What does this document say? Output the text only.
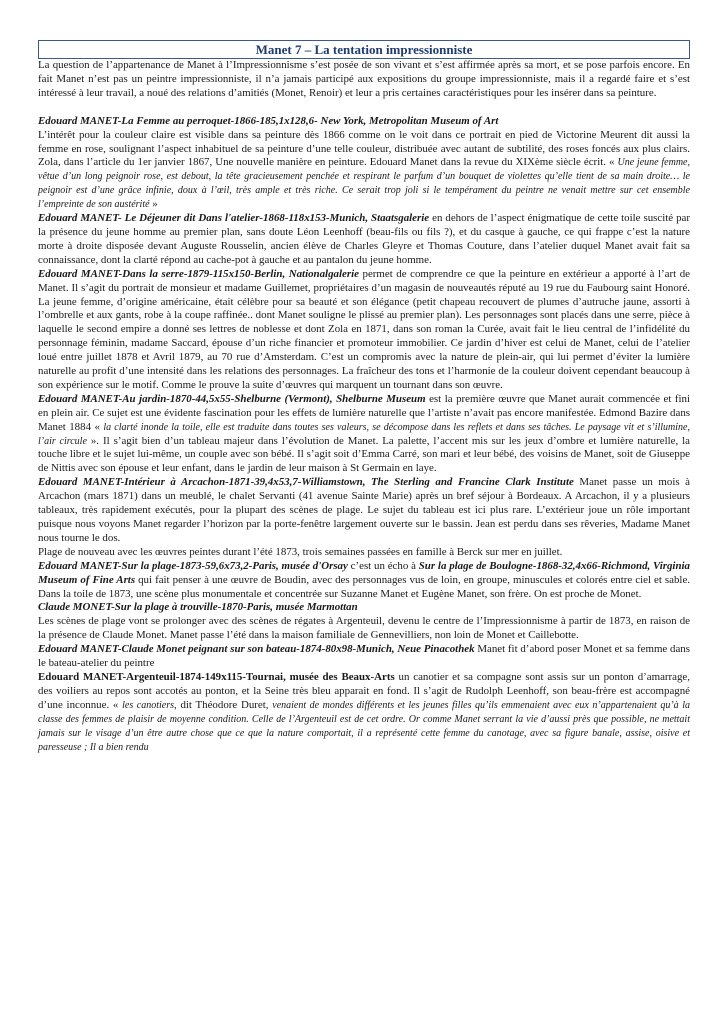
Manet 7 – La tentation impressionniste

La question de l’appartenance de Manet à l’Impressionnisme s’est posée de son vivant et s’est affirmée après sa mort, et se pose parfois encore. En fait Manet n’est pas un peintre impressionniste, il n’a jamais participé aux expositions du groupe impressionniste, mais il a regardé faire et s’est intéressé à leur travail, a noué des relations d’amitiés (Monet, Renoir) et leur a pris certaines caractéristiques pour les insérer dans sa peinture.

Edouard MANET-La Femme au perroquet-1866-185,1x128,6- New York, Metropolitan Museum of Art
L’intérêt pour la couleur claire est visible dans sa peinture dès 1866 comme on le voit dans ce portrait en pied de Victorine Meurent dit aussi la femme en rose, soulignant l’aspect inhabituel de sa peinture d’une telle couleur, distribuée avec autant de subtilité, des roses foncés aux plus clairs. Zola, dans l’article du 1er janvier 1867, Une nouvelle manière en peinture. Edouard Manet dans la revue du XIXème siècle écrit. « Une jeune femme, vêtue d’un long peignoir rose, est debout, la tête gracieusement penchée et respirant le parfum d’un bouquet de violettes qu’elle tient de sa main droite… le peignoir est d’une grâce infinie, doux à l’œil, très ample et très riche. Ce serait trop joli si le tempérament du peintre ne venait mettre sur cet ensemble l’empreinte de son austérité »

Edouard MANET- Le Déjeuner dit Dans l'atelier-1868-118x153-Munich, Staatsgalerie en dehors de l’aspect énigmatique de cette toile suscité par la présence du jeune homme au premier plan, sans doute Léon Leenhoff (beau-fils ou fils ?), et du casque à gauche, ce qui frappe c’est la nature morte à droite disposée devant Auguste Rousselin, ancien élève de Charles Gleyre et Thomas Couture, dans l’atelier duquel Manet avait fait sa connaissance, dont la clarté répond au cache-pot à gauche et au pantalon du jeune homme.

Edouard MANET-Dans la serre-1879-115x150-Berlin, Nationalgalerie permet de comprendre ce que la peinture en extérieur a apporté à l’art de Manet. Il s’agit du portrait de monsieur et madame Guillemet, propriétaires d’un magasin de nouveautés réputé au 19 rue du Faubourg saint Honoré. La jeune femme, d’origine américaine, était célèbre pour sa beauté et son élégance (petit chapeau recouvert de plumes d’autruche jaune, assorti à l’ombrelle et aux gants, robe à la coupe raffinée.. dont Manet souligne le plissé au premier plan). Les personnages sont placés dans une serre, pièce à laquelle le second empire a donné ses lettres de noblesse et dont Zola en 1871, dans son roman la Curée, avait fait le lieu central de l’infidélité du personnage féminin, madame Saccard, épouse d’un riche financier et promoteur immobilier. Ce jardin d’hiver est celui de Manet, celui de l’atelier loué entre juillet 1878 et Avril 1879, au 70 rue d’Amsterdam. C’est un compromis avec la nature de plein-air, qui lui permet d’éviter la lumière naturelle au profit d’une intensité dans les relations des personnages. La fraîcheur des tons et l’harmonie de la couleur doivent cependant beaucoup à son expérience sur le motif. Comme le prouve la suite d’œuvres qui marquent un tournant dans son œuvre.

Edouard MANET-Au jardin-1870-44,5x55-Shelburne (Vermont), Shelburne Museum est la première œuvre que Manet aurait commencée et fini en plein air. Ce sujet est une évidente fascination pour les effets de lumière naturelle que l’artiste n’avait pas encore manifestée. Edmond Bazire dans Manet 1884 « la clarté inonde la toile, elle est traduite dans toutes ses valeurs, se décompose dans les reflets et dans ses tâches. Le paysage vit et s’illumine, l’air circule ». Il s’agit bien d’un tableau majeur dans l’évolution de Manet. La palette, l’accent mis sur les jeux d’ombre et lumière naturelle, la touche libre et le sujet lui-même, un couple avec son bébé. Il s’agit soit d’Emma Carré, son mari et leur bébé, des voisins de Manet, soit de Giuseppe de Nittis avec son épouse et leur enfant, dans le jardin de leur maison à St Germain en laye.

Edouard MANET-Intérieur à Arcachon-1871-39,4x53,7-Williamstown, The Sterling and Francine Clark Institute Manet passe un mois à Arcachon (mars 1871) dans un meublé, le chalet Servanti (41 avenue Sainte Marie) après un bref séjour à Bordeaux. A Arcachon, il y a plusieurs tableaux, très rapidement exécutés, pour la plupart des scènes de plage. Le sujet du tableau est ici plus rare. L’extérieur joue un rôle important puisque nous voyons Manet regarder l’horizon par la porte-fenêtre largement ouverte sur le bassin. Jean est perdu dans ses rêveries, Madame Manet nous tourne le dos.

Plage de nouveau avec les œuvres peintes durant l’été 1873, trois semaines passées en famille à Berck sur mer en juillet.

Edouard MANET-Sur la plage-1873-59,6x73,2-Paris, musée d'Orsay c’est un écho à Sur la plage de Boulogne-1868-32,4x66-Richmond, Virginia Museum of Fine Arts qui fait penser à une œuvre de Boudin, avec des personnages vus de loin, en groupe, minuscules et colorés entre ciel et sable. Dans la toile de 1873, une scène plus monumentale et concentrée sur Suzanne Manet et Eugène Manet, son frère. On est proche de Monet.

Claude MONET-Sur la plage à trouville-1870-Paris, musée Marmottan
Les scènes de plage vont se prolonger avec des scènes de régates à Argenteuil, devenu le centre de l’Impressionnisme à partir de 1873, en raison de la présence de Claude Monet. Manet passe l’été dans la maison familiale de Gennevilliers, non loin de Monet et Caillebotte.

Edouard MANET-Claude Monet peignant sur son bateau-1874-80x98-Munich, Neue Pinacothek Manet fit d’abord poser Monet et sa femme dans le bateau-atelier du peintre

Edouard MANET-Argenteuil-1874-149x115-Tournai, musée des Beaux-Arts un canotier et sa compagne sont assis sur un ponton d’amarrage, des voiliers au repos sont accotés au ponton, et la Seine très bleu apparait en fond. Il s’agit de Rudolph Leenhoff, son beau-frère est accompagné d’une inconnue. « les canotiers, dit Théodore Duret, venaient de mondes différents et les jeunes filles qu’ils emmenaient avec eux n’appartenaient qu’à la classe des femmes de plaisir de moyenne condition. Celle de l’Argenteuil est de cet ordre. Or comme Manet serrant la vie d’aussi près que possible, ne mettait jamais sur le visage d’un être autre chose que ce que la nature comportait, il a représenté cette femme du canotage, avec sa figure banale, assise, oisive et paresseuse ; Il a bien rendu
